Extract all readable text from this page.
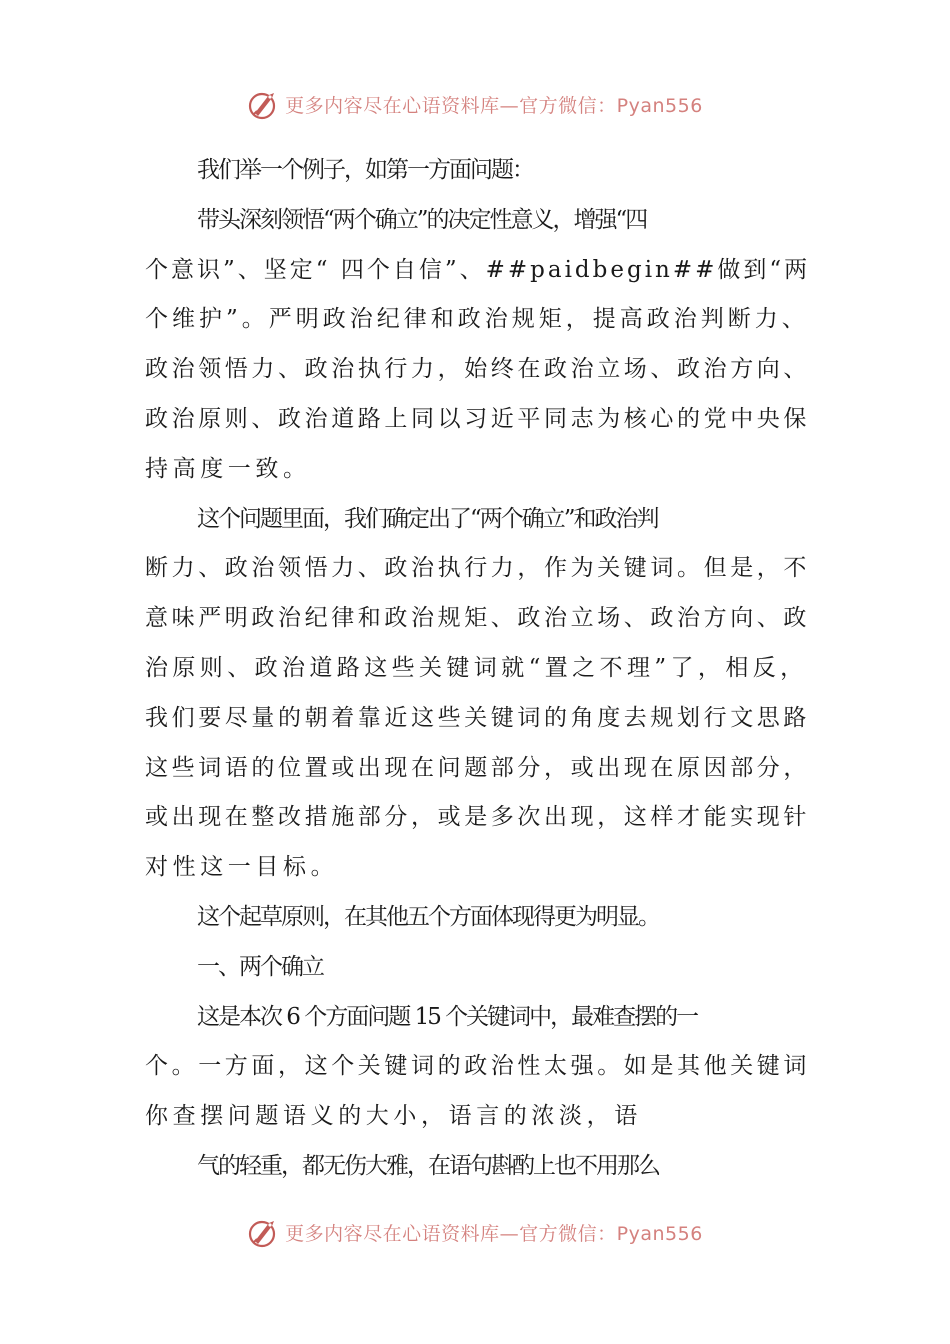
更多内容尽在心语资料库—官方微信：Pyan556

我们举一个例子，如第一方面问题：

带头深刻领悟“两个确立”的决定性意义，增强“四

个意识”、坚定“ 四个自信”、##paidbegin##做到“两

个维护”。严明政治纪律和政治规矩，提高政治判断力、

政治领悟力、政治执行力，始终在政治立场、政治方向、

政治原则、政治道路上同以习近平同志为核心的党中央保

持高度一致。

这个问题里面，我们确定出了“两个确立”和政治判

断力、政治领悟力、政治执行力，作为关键词。但是，不

意味严明政治纪律和政治规矩、政治立场、政治方向、政

治原则、政治道路这些关键词就“置之不理”了，相反，

我们要尽量的朝着靠近这些关键词的角度去规划行文思路

这些词语的位置或出现在问题部分，或出现在原因部分，

或出现在整改措施部分，或是多次出现，这样才能实现针

对性这一目标。

这个起草原则，在其他五个方面体现得更为明显。

一、两个确立

这是本次 6 个方面问题 15 个关键词中，最难查摆的一

个。一方面，这个关键词的政治性太强。如是其他关键词

你查摆问题语义的大小，语言的浓淡，语

气的轻重，都无伤大雅，在语句斟酌上也不用那么

更多内容尽在心语资料库—官方微信：Pyan556
